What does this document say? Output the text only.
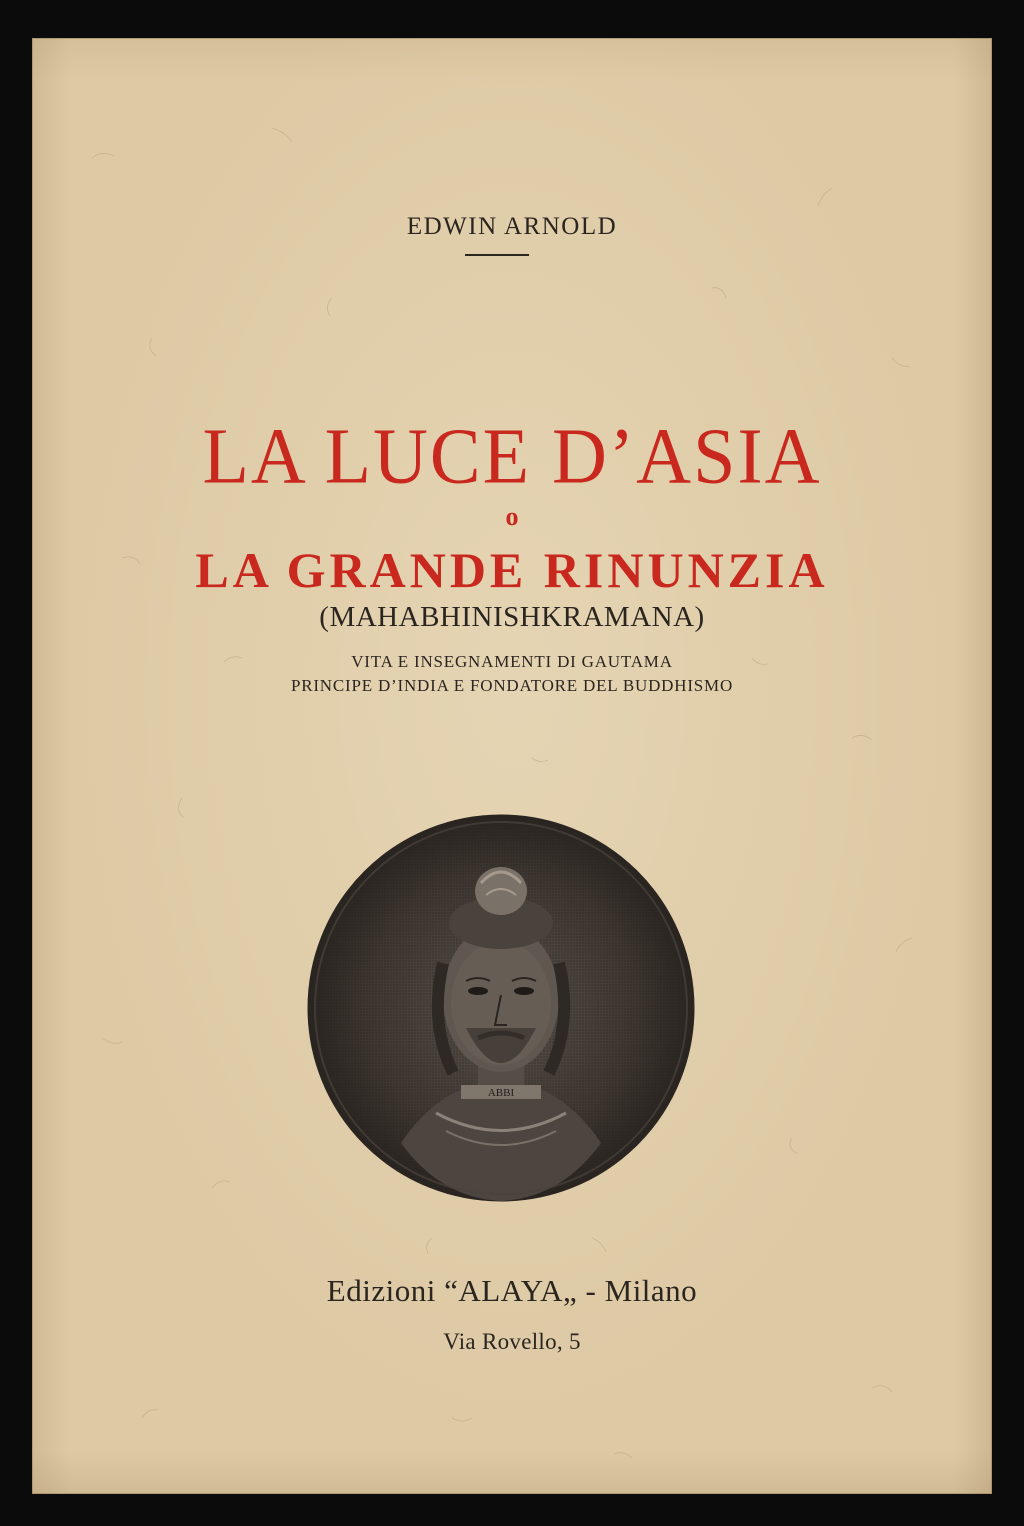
EDWIN ARNOLD
LA LUCE D’ASIA
o
LA GRANDE RINUNZIA
(MAHABHINISHKRAMANA)
VITA E INSEGNAMENTI DI GAUTAMA
PRINCIPE D’INDIA E FONDATORE DEL BUDDHISMO
ABBI
Edizioni “ALAYA„ - Milano
Via Rovello, 5
